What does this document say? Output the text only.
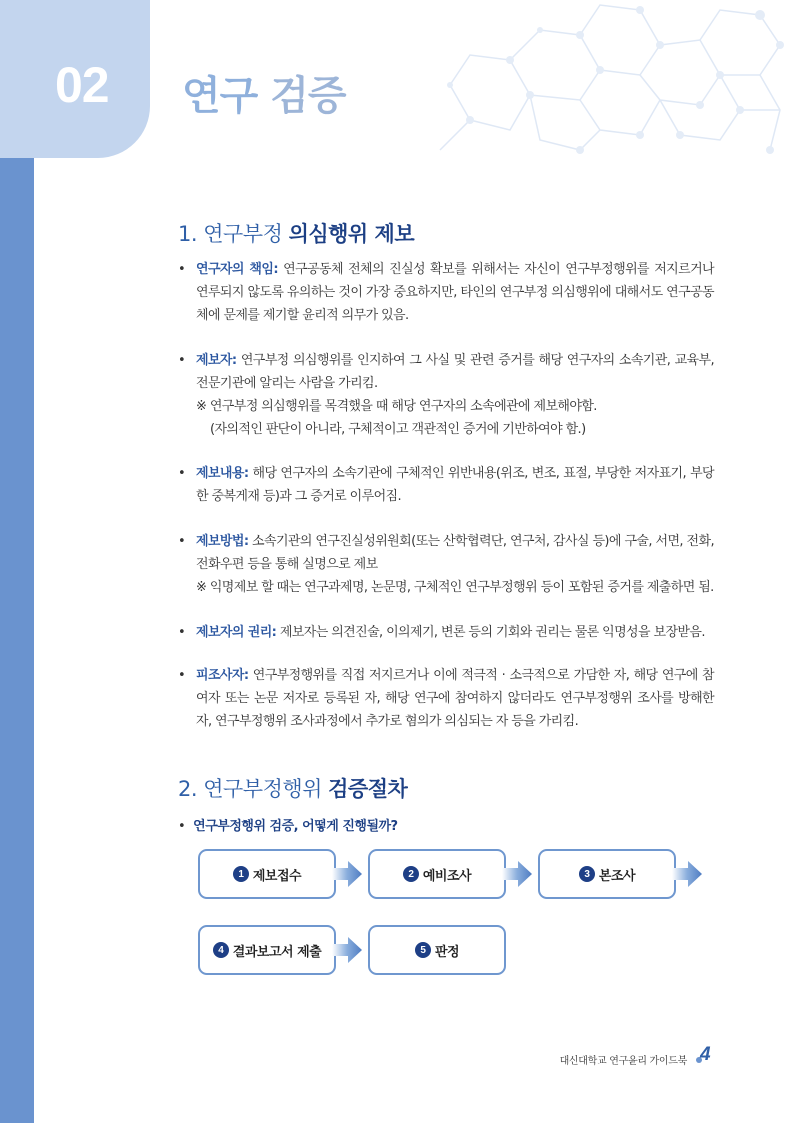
02 연구 검증
1. 연구부정 의심행위 제보
• 연구자의 책임: 연구공동체 전체의 진실성 확보를 위해서는 자신이 연구부정행위를 저지르거나 연루되지 않도록 유의하는 것이 가장 중요하지만, 타인의 연구부정 의심행위에 대해서도 연구공동체에 문제를 제기할 윤리적 의무가 있음.
• 제보자: 연구부정 의심행위를 인지하여 그 사실 및 관련 증거를 해당 연구자의 소속기관, 교육부, 전문기관에 알리는 사람을 가리킴.
※ 연구부정 의심행위를 목격했을 때 해당 연구자의 소속에관에 제보해야함.
(자의적인 판단이 아니라, 구체적이고 객관적인 증거에 기반하여야 함.)
• 제보내용: 해당 연구자의 소속기관에 구체적인 위반내용(위조, 변조, 표절, 부당한 저자표기, 부당한 중복게재 등)과 그 증거로 이루어짐.
• 제보방법: 소속기관의 연구진실성위원회(또는 산학협력단, 연구처, 감사실 등)에 구술, 서면, 전화, 전화우편 등을 통해 실명으로 제보
※ 익명제보 할 때는 연구과제명, 논문명, 구체적인 연구부정행위 등이 포함된 증거를 제출하면 됨.
• 제보자의 권리: 제보자는 의견진술, 이의제기, 변론 등의 기회와 권리는 물론 익명성을 보장받음.
• 피조사자: 연구부정행위를 직접 저지르거나 이에 적극적 · 소극적으로 가담한 자, 해당 연구에 참여자 또는 논문 저자로 등록된 자, 해당 연구에 참여하지 않더라도 연구부정행위 조사를 방해한 자, 연구부정행위 조사과정에서 추가로 혐의가 의심되는 자 등을 가리킴.
2. 연구부정행위 검증절차
• 연구부정행위 검증, 어떻게 진행될까?
1 제보접수	2 예비조사	3 본조사
4 결과보고서 제출	5 판정
대신대학교 연구윤리 가이드북 4
